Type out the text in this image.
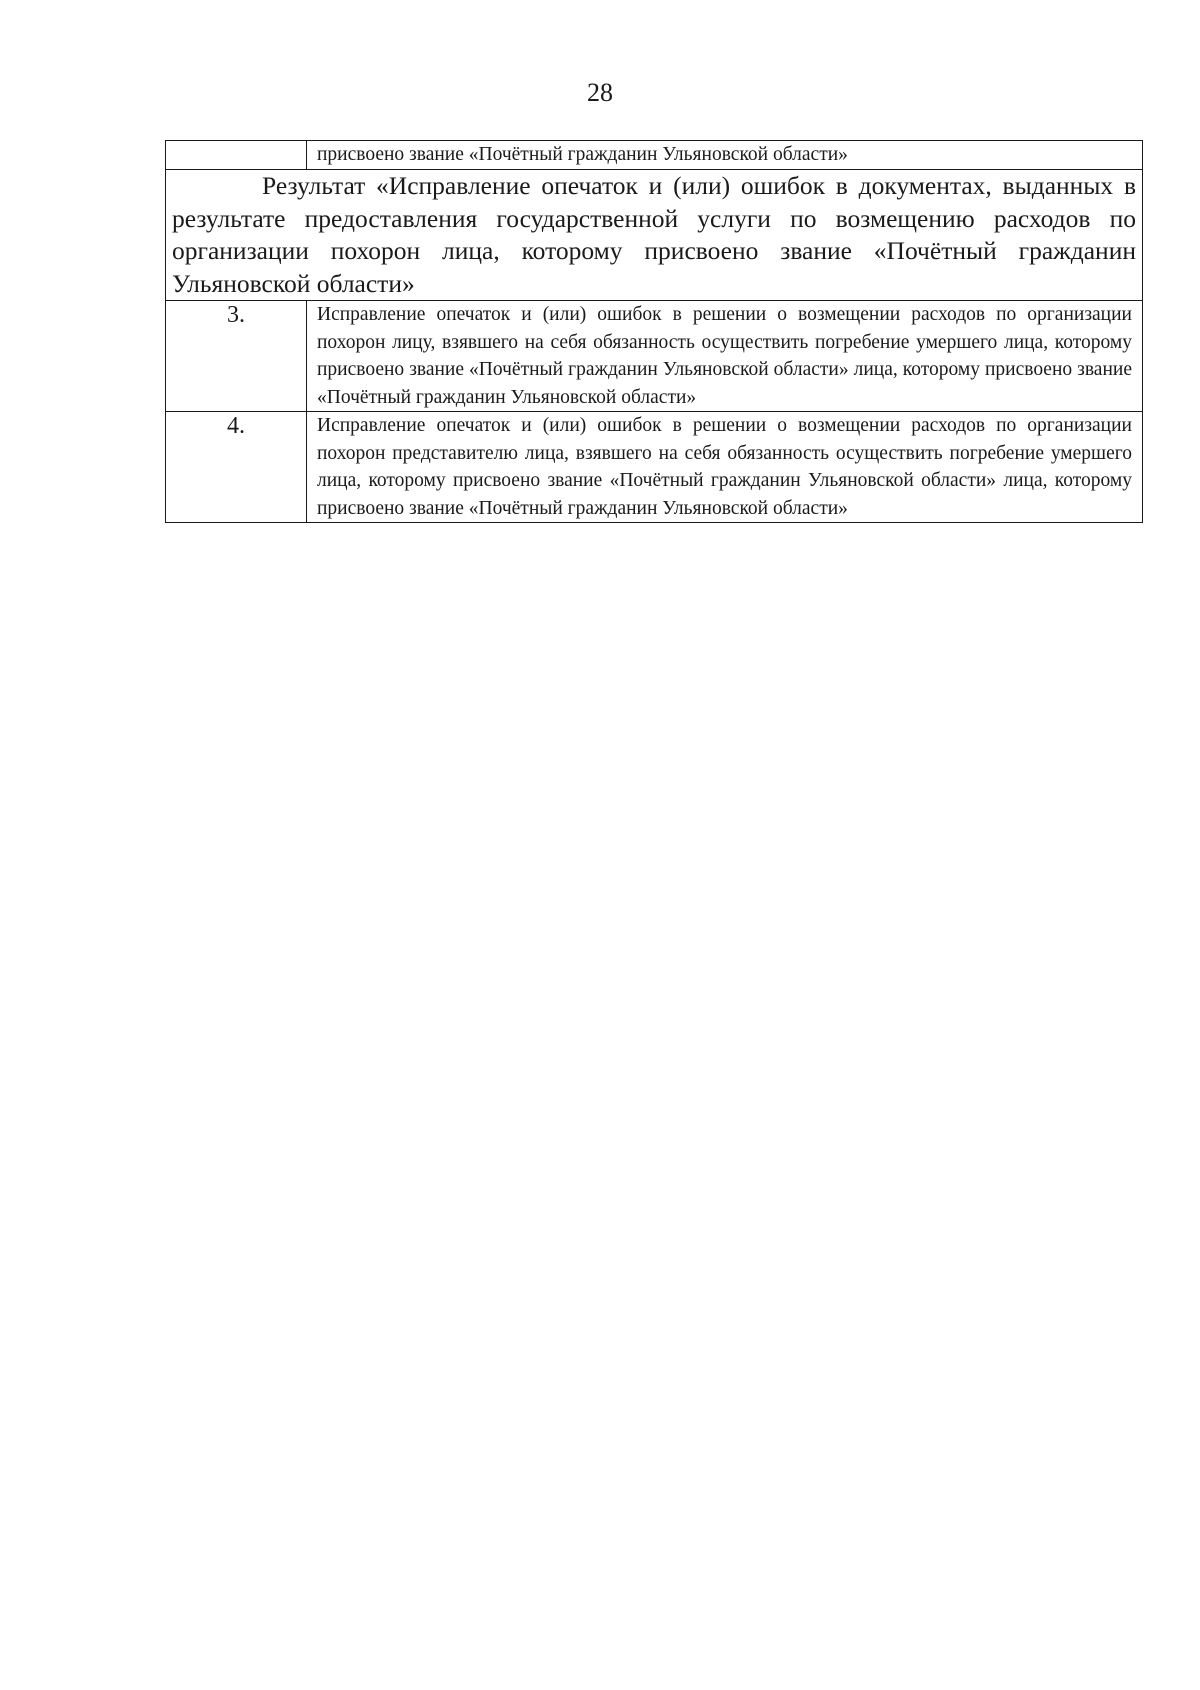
28
	присвоено звание «Почётный гражданин Ульяновской области»
Результат «Исправление опечаток и (или) ошибок в документах, выданных в результате предоставления государственной услуги по возмещению расходов по организации похорон лица, которому присвоено звание «Почётный гражданин Ульяновской области»	
3.	Исправление опечаток и (или) ошибок в решении о возмещении расходов по организации похорон лицу, взявшего на себя обязанность осуществить погребение умершего лица, которому присвоено звание «Почётный гражданин Ульяновской области» лица, которому присвоено звание «Почётный гражданин Ульяновской области»
4.	Исправление опечаток и (или) ошибок в решении о возмещении расходов по организации похорон представителю лица, взявшего на себя обязанность осуществить погребение умершего лица, которому присвоено звание «Почётный гражданин Ульяновской области» лица, которому присвоено звание «Почётный гражданин Ульяновской области»
